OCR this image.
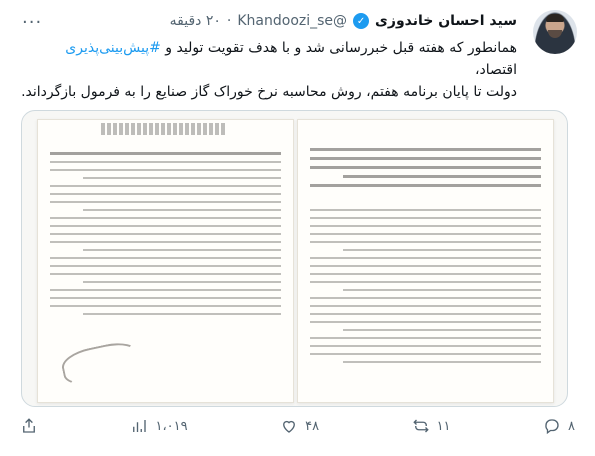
سید احسان خاندوزی
✓
@Khandoozi_se
·
۲۰ دقیقه
···

همانطور که هفته قبل خبررسانی شد و با هدف تقویت تولید و #پیش‌بینی‌پذیری

اقتصاد،

دولت تا پایان برنامه هفتم، روش محاسبه نرخ خوراک گاز صنایع را به فرمول بازگرداند.

۱،۰۱۹	۴۸	۱۱	۸
